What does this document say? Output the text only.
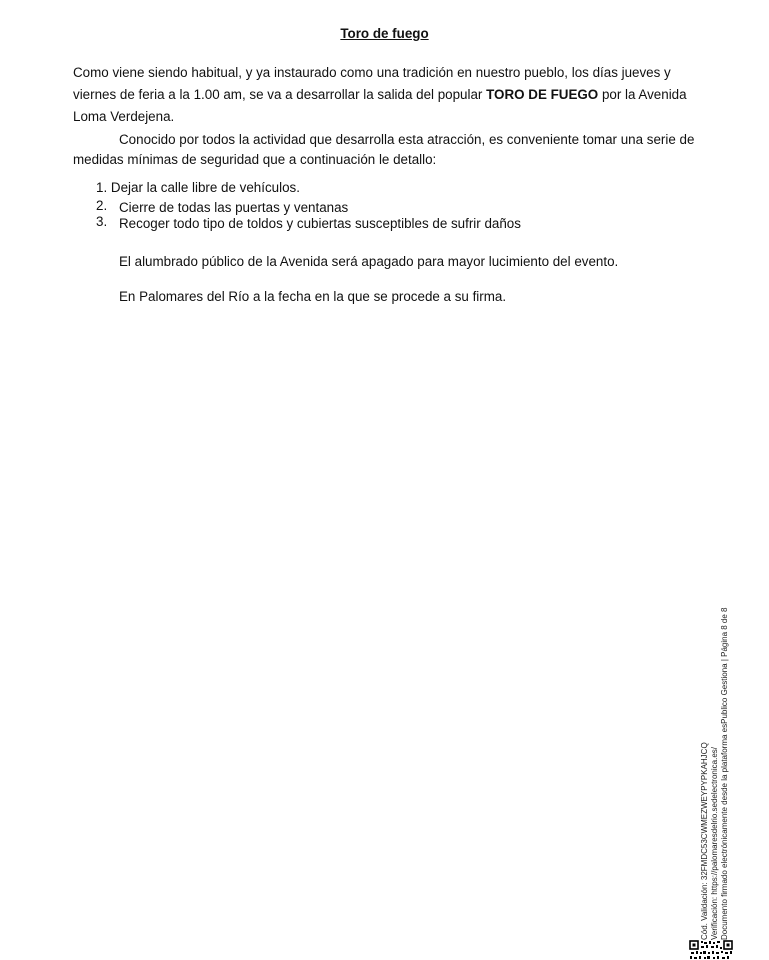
Toro de fuego
Como viene siendo habitual, y ya instaurado como una tradición en nuestro pueblo, los días jueves y viernes de feria a la 1.00 am, se va a desarrollar la salida del popular TORO DE FUEGO por la Avenida Loma Verdejena.
Conocido por todos la actividad que desarrolla esta atracción, es conveniente tomar una serie de medidas mínimas de seguridad que a continuación le detallo:
1. Dejar la calle libre de vehículos.
2. Cierre de todas las puertas y ventanas
3. Recoger todo tipo de toldos y cubiertas susceptibles de sufrir daños
El alumbrado público de la Avenida será apagado para mayor lucimiento del evento.
En Palomares del Río a la fecha en la que se procede a su firma.
Cód. Validación: 32FMDC53CWMEZWEYPYPKAHJCQ Verificación: https://palomaresdelrio.sedelectronica.es/ Documento firmado electrónicamente desde la plataforma esPublico Gestiona | Página 8 de 8
